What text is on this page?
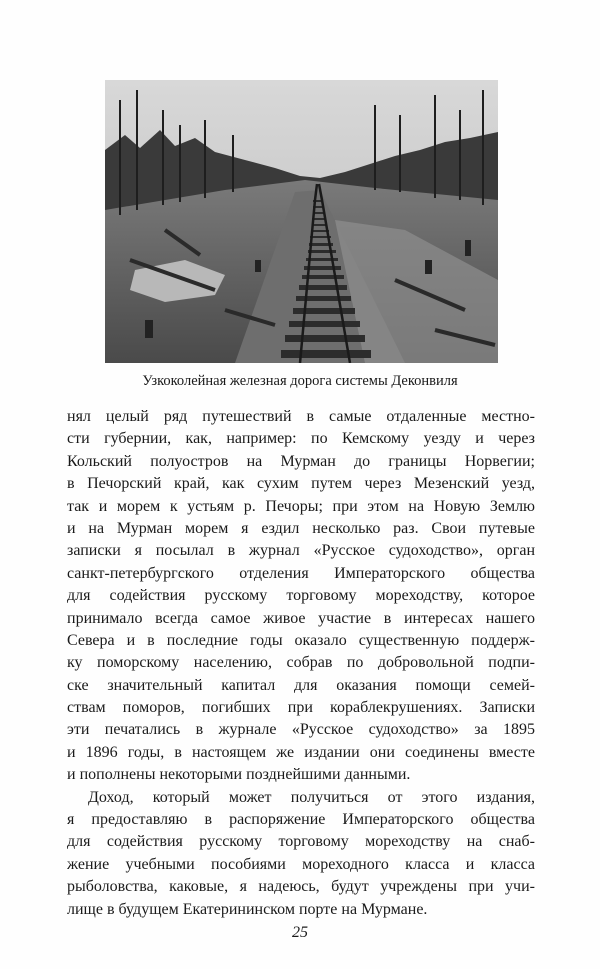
Узкоколейная железная дорога системы Деконвиля
нял целый ряд путешествий в самые отдаленные местно-
сти губернии, как, например: по Кемскому уезду и через
Кольский полуостров на Мурман до границы Норвегии;
в Печорский край, как сухим путем через Мезенский уезд,
так и морем к устьям р. Печоры; при этом на Новую Землю
и на Мурман морем я ездил несколько раз. Свои путевые
записки я посылал в журнал «Русское судоходство», орган
санкт-петербургского отделения Императорского общества
для содействия русскому торговому мореходству, которое
принимало всегда самое живое участие в интересах нашего
Севера и в последние годы оказало существенную поддерж-
ку поморскому населению, собрав по добровольной подпи-
ске значительный капитал для оказания помощи семей-
ствам поморов, погибших при кораблекрушениях. Записки
эти печатались в журнале «Русское судоходство» за 1895
и 1896 годы, в настоящем же издании они соединены вместе
и пополнены некоторыми позднейшими данными.
Доход, который может получиться от этого издания,
я предоставляю в распоряжение Императорского общества
для содействия русскому торговому мореходству на снаб-
жение учебными пособиями мореходного класса и класса
рыболовства, каковые, я надеюсь, будут учреждены при учи-
лище в будущем Екатерининском порте на Мурмане.
25
